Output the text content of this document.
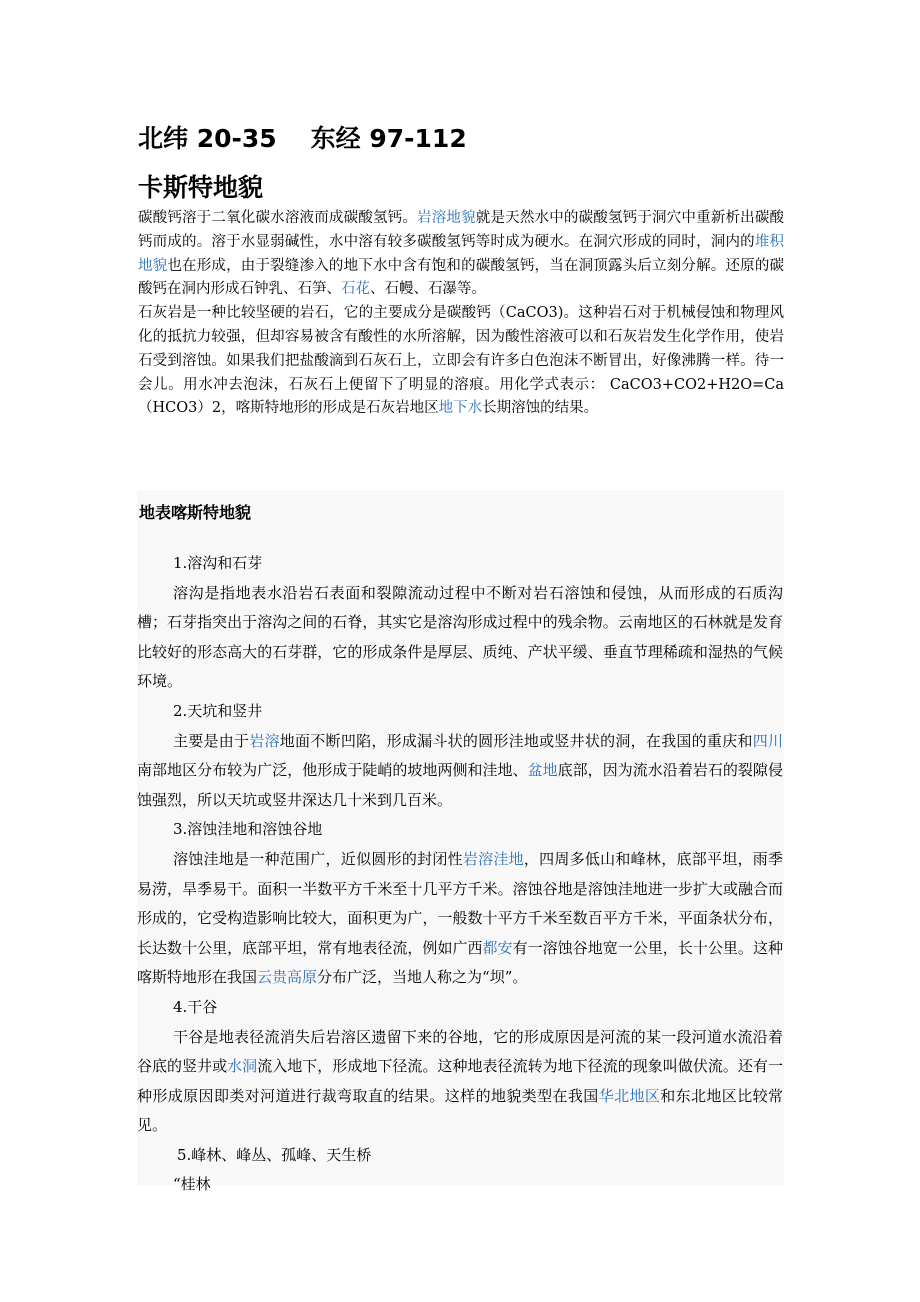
北纬 20-35 东经 97-112
卡斯特地貌

碳酸钙溶于二氧化碳水溶液而成碳酸氢钙。岩溶地貌就是天然水中的碳酸氢钙于洞穴中重新析出碳酸钙而成的。溶于水显弱碱性，水中溶有较多碳酸氢钙等时成为硬水。在洞穴形成的同时，洞内的堆积地貌也在形成，由于裂缝渗入的地下水中含有饱和的碳酸氢钙，当在洞顶露头后立刻分解。还原的碳酸钙在洞内形成石钟乳、石笋、石花、石幔、石瀑等。

石灰岩是一种比较坚硬的岩石，它的主要成分是碳酸钙（CaCO3)。这种岩石对于机械侵蚀和物理风化的抵抗力较强，但却容易被含有酸性的水所溶解，因为酸性溶液可以和石灰岩发生化学作用，使岩石受到溶蚀。如果我们把盐酸滴到石灰石上，立即会有许多白色泡沫不断冒出，好像沸腾一样。待一会儿。用水冲去泡沫，石灰石上便留下了明显的溶痕。用化学式表示： CaCO3+CO2+H2O=Ca（HCO3）2，喀斯特地形的形成是石灰岩地区地下水长期溶蚀的结果。

地表喀斯特地貌

1.溶沟和石芽

溶沟是指地表水沿岩石表面和裂隙流动过程中不断对岩石溶蚀和侵蚀，从而形成的石质沟槽；石芽指突出于溶沟之间的石脊，其实它是溶沟形成过程中的残余物。云南地区的石林就是发育比较好的形态高大的石芽群，它的形成条件是厚层、质纯、产状平缓、垂直节理稀疏和湿热的气候环境。

2.天坑和竖井

主要是由于岩溶地面不断凹陷，形成漏斗状的圆形洼地或竖井状的洞，在我国的重庆和四川南部地区分布较为广泛，他形成于陡峭的坡地两侧和洼地、盆地底部，因为流水沿着岩石的裂隙侵蚀强烈，所以天坑或竖井深达几十米到几百米。

3.溶蚀洼地和溶蚀谷地

溶蚀洼地是一种范围广，近似圆形的封闭性岩溶洼地，四周多低山和峰林，底部平坦，雨季易涝，旱季易干。面积一半数平方千米至十几平方千米。溶蚀谷地是溶蚀洼地进一步扩大或融合而形成的，它受构造影响比较大，面积更为广，一般数十平方千米至数百平方千米，平面条状分布，长达数十公里，底部平坦，常有地表径流，例如广西都安有一溶蚀谷地宽一公里，长十公里。这种喀斯特地形在我国云贵高原分布广泛，当地人称之为“坝”。

4.干谷

干谷是地表径流消失后岩溶区遗留下来的谷地，它的形成原因是河流的某一段河道水流沿着谷底的竖井或水洞流入地下，形成地下径流。这种地表径流转为地下径流的现象叫做伏流。还有一种形成原因即类对河道进行裁弯取直的结果。这样的地貌类型在我国华北地区和东北地区比较常见。

5.峰林、峰丛、孤峰、天生桥

“桂林
